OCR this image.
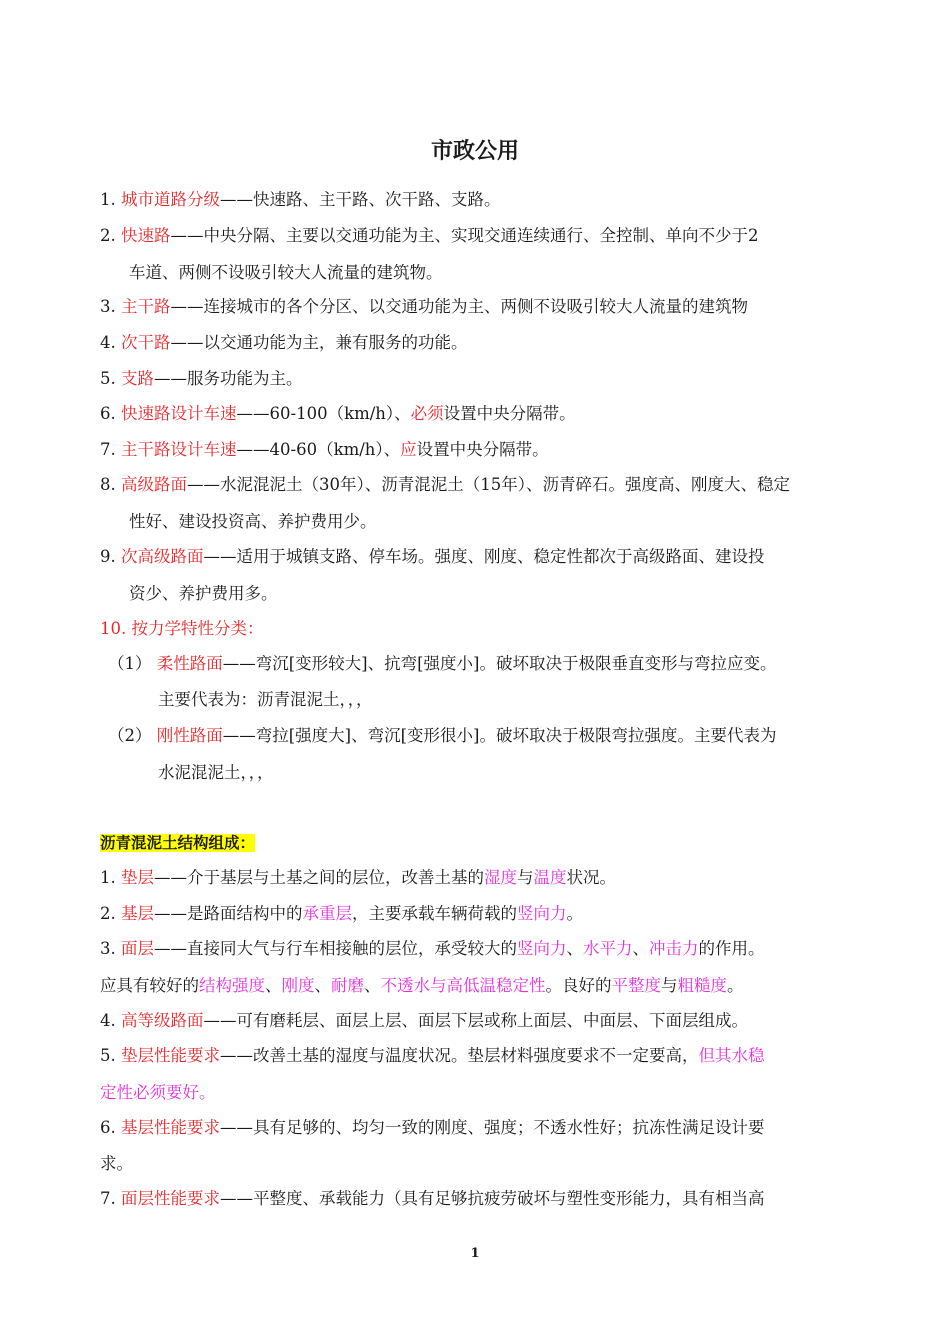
市政公用
1. 城市道路分级——快速路、主干路、次干路、支路。
2. 快速路——中央分隔、主要以交通功能为主、实现交通连续通行、全控制、单向不少于2
车道、两侧不设吸引较大人流量的建筑物。
3. 主干路——连接城市的各个分区、以交通功能为主、两侧不设吸引较大人流量的建筑物
4. 次干路——以交通功能为主，兼有服务的功能。
5. 支路——服务功能为主。
6. 快速路设计车速——60-100（km/h）、必须设置中央分隔带。
7. 主干路设计车速——40-60（km/h）、应设置中央分隔带。
8. 高级路面——水泥混泥土（30年）、沥青混泥土（15年）、沥青碎石。强度高、刚度大、稳定
性好、建设投资高、养护费用少。
9. 次高级路面——适用于城镇支路、停车场。强度、刚度、稳定性都次于高级路面、建设投
资少、养护费用多。
10. 按力学特性分类：
（1） 柔性路面——弯沉[变形较大]、抗弯[强度小]。破坏取决于极限垂直变形与弯拉应变。
主要代表为：沥青混泥土，，，
（2） 刚性路面——弯拉[强度大]、弯沉[变形很小]。破坏取决于极限弯拉强度。主要代表为
水泥混泥土，，，
沥青混泥土结构组成：
1. 垫层——介于基层与土基之间的层位，改善土基的湿度与温度状况。
2. 基层——是路面结构中的承重层，主要承载车辆荷载的竖向力。
3. 面层——直接同大气与行车相接触的层位，承受较大的竖向力、水平力、冲击力的作用。
应具有较好的结构强度、刚度、耐磨、不透水与高低温稳定性。良好的平整度与粗糙度。
4. 高等级路面——可有磨耗层、面层上层、面层下层或称上面层、中面层、下面层组成。
5. 垫层性能要求——改善土基的湿度与温度状况。垫层材料强度要求不一定要高，但其水稳
定性必须要好。
6. 基层性能要求——具有足够的、均匀一致的刚度、强度；不透水性好；抗冻性满足设计要
求。
7. 面层性能要求——平整度、承载能力（具有足够抗疲劳破坏与塑性变形能力，具有相当高
1
